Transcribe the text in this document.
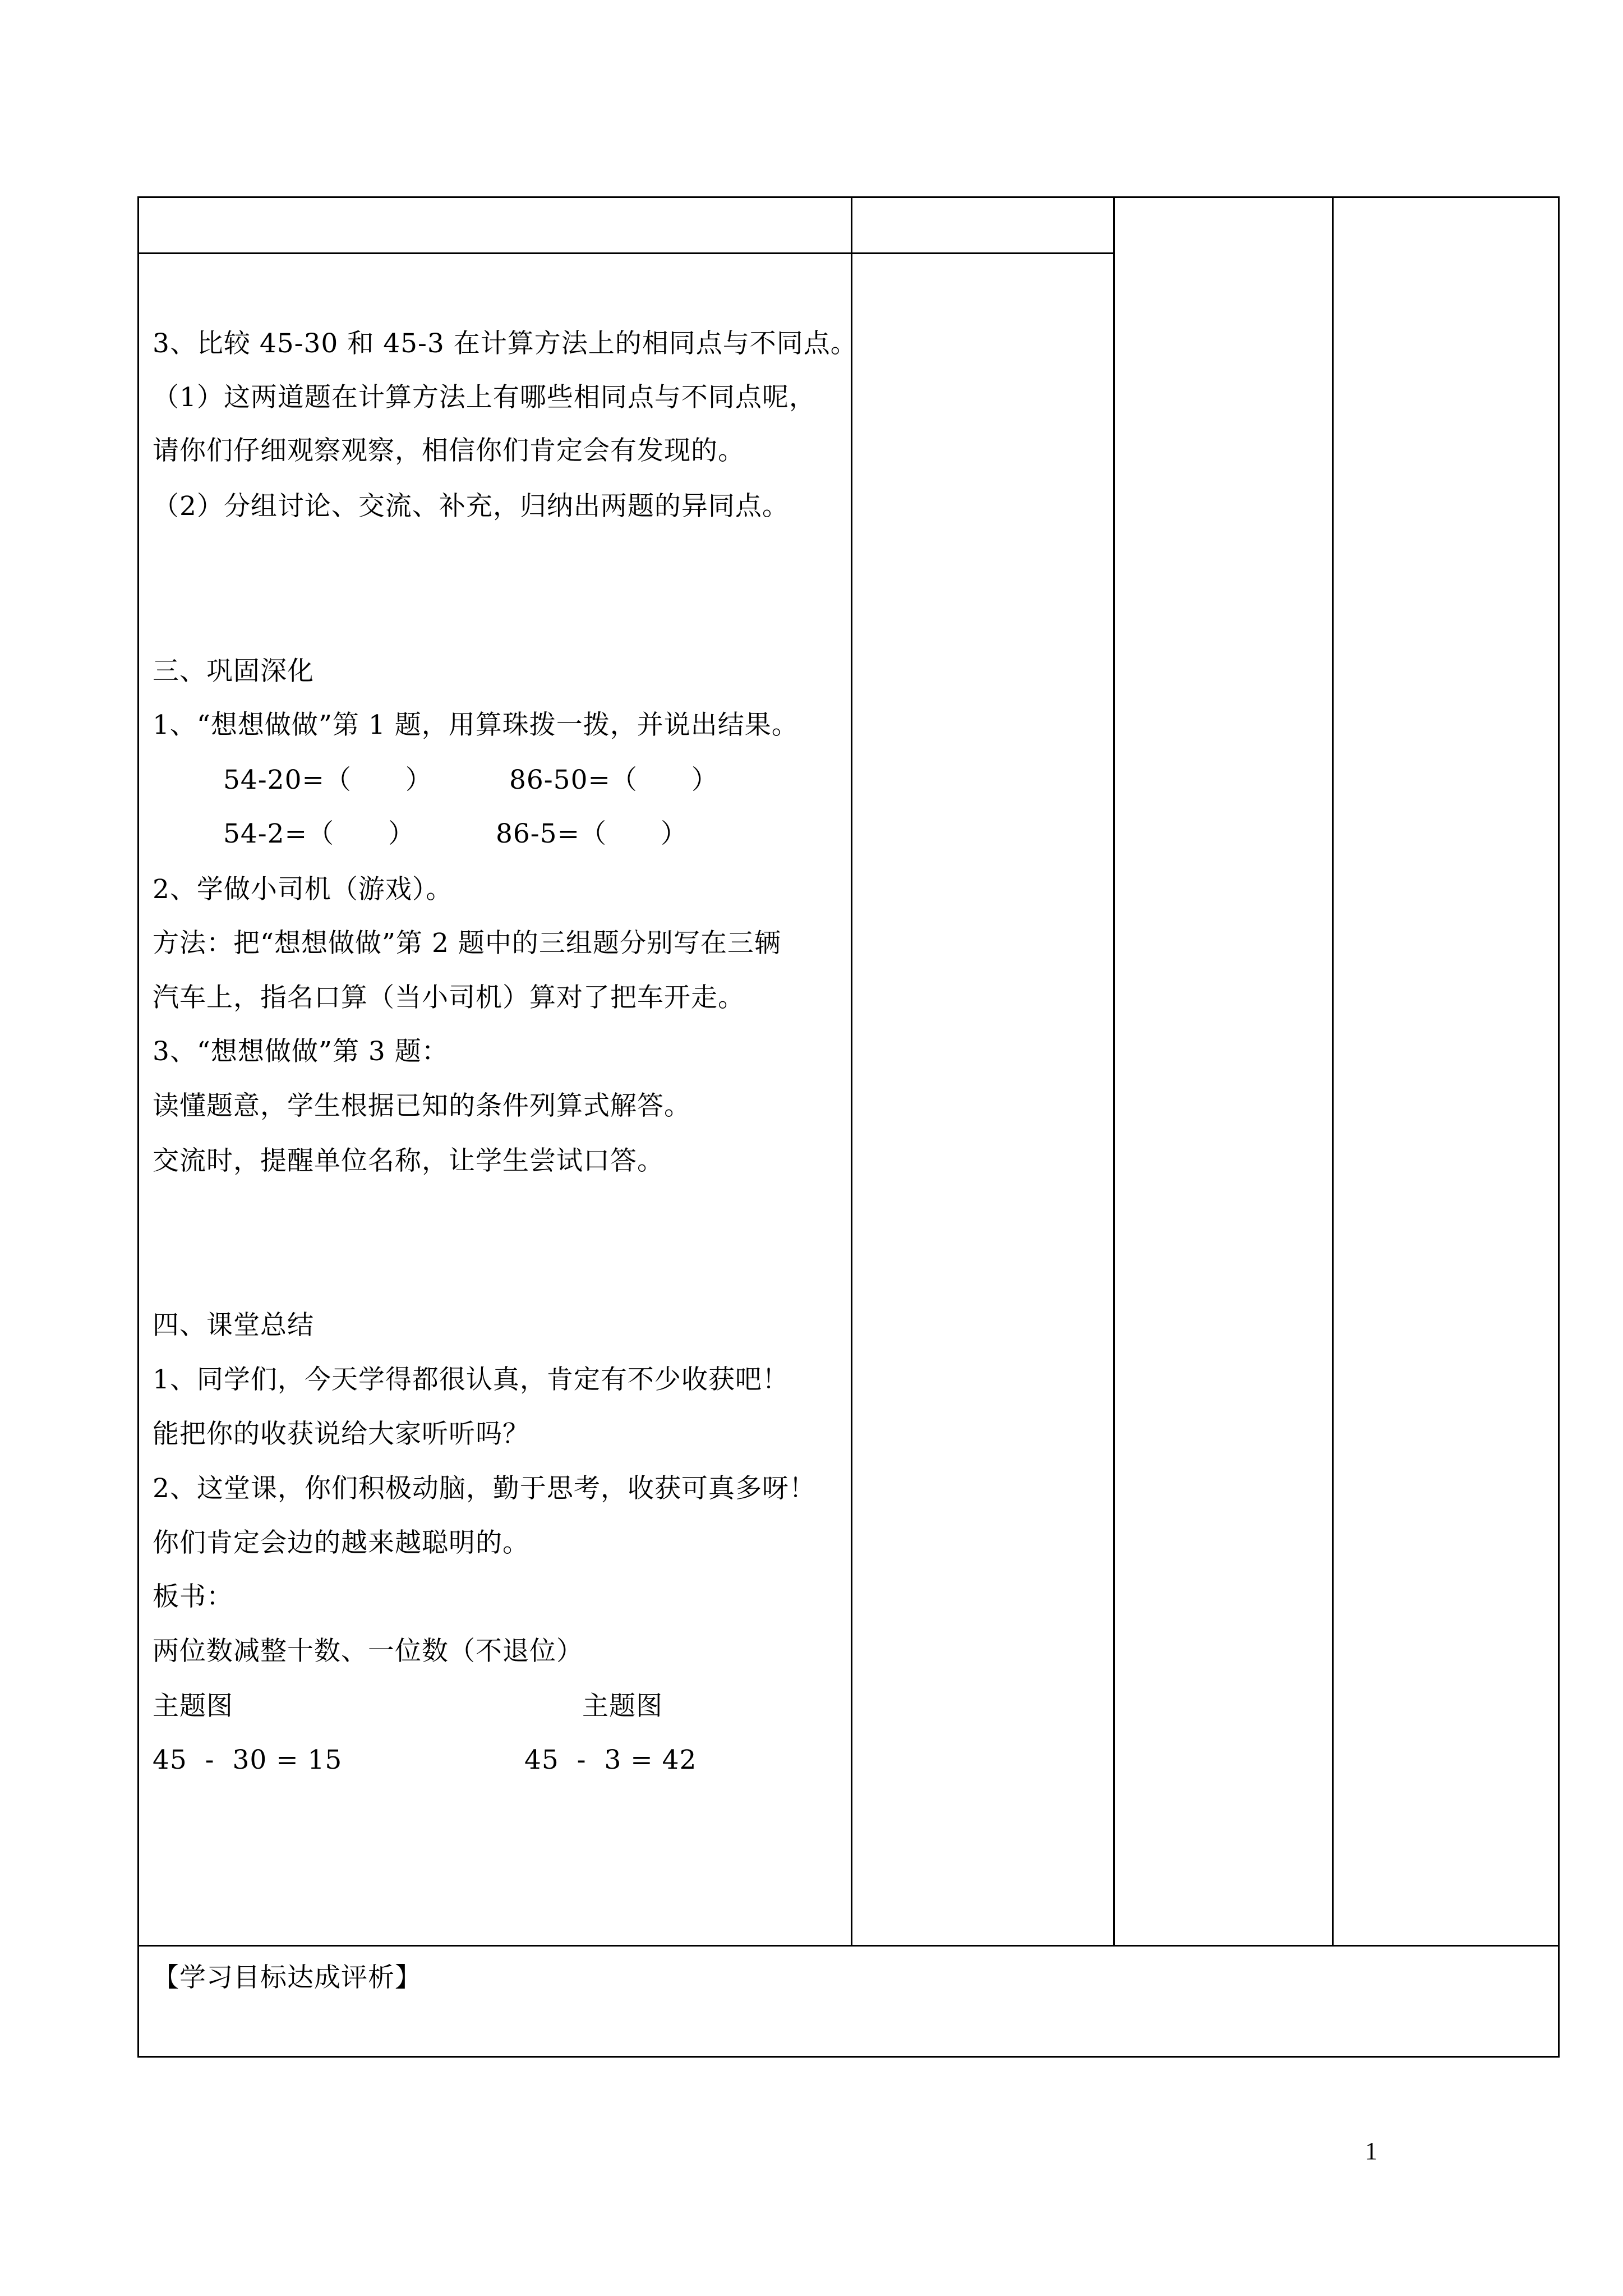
3、比较 45-30 和 45-3 在计算方法上的相同点与不同点。
（1）这两道题在计算方法上有哪些相同点与不同点呢，
请你们仔细观察观察，相信你们肯定会有发现的。
（2）分组讨论、交流、补充，归纳出两题的异同点。
三、巩固深化
1、“想想做做”第 1 题，用算珠拨一拨，并说出结果。
54-20=（　　）	86-50=（　　）
54-2=（　　）	86-5=（　　）
2、学做小司机（游戏）。
方法：把“想想做做”第 2 题中的三组题分别写在三辆
汽车上，指名口算（当小司机）算对了把车开走。
3、“想想做做”第 3 题：
读懂题意，学生根据已知的条件列算式解答。
交流时，提醒单位名称，让学生尝试口答。
四、课堂总结
1、同学们，今天学得都很认真，肯定有不少收获吧！
能把你的收获说给大家听听吗？
2、这堂课，你们积极动脑，勤于思考，收获可真多呀！
你们肯定会边的越来越聪明的。
板书：
两位数减整十数、一位数（不退位）
主题图	主题图
45  -  30 = 15	45  -  3 = 42
【学习目标达成评析】
1
